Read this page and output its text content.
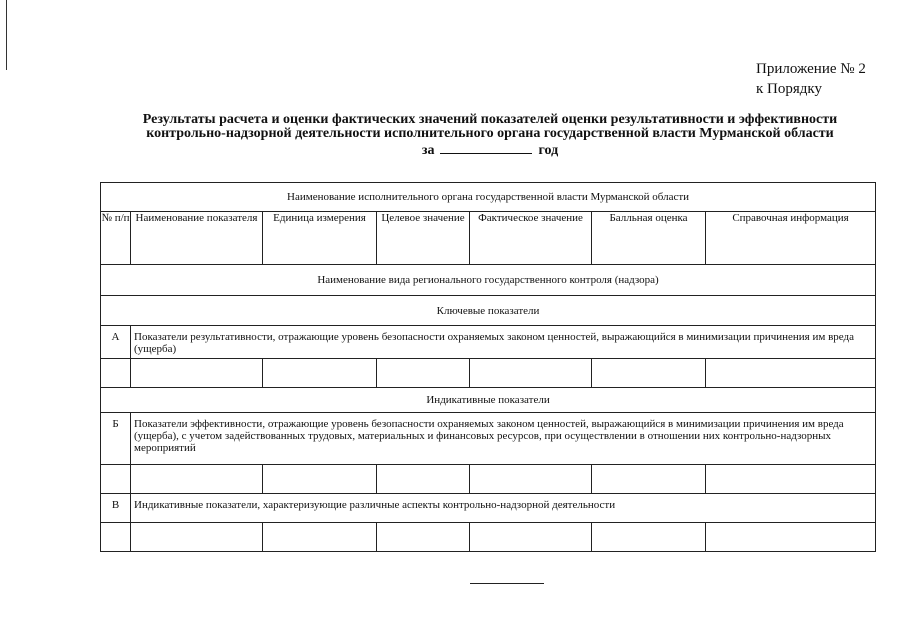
Приложение № 2
к Порядку
Результаты расчета и оценки фактических значений показателей оценки результативности и эффективности
контрольно-надзорной деятельности исполнительного органа государственной власти Мурманской области
за	год
Наименование исполнительного органа государственной власти Мурманской области						
№ п/п	Наименование показателя	Единица измерения	Целевое значение	Фактическое значение	Балльная оценка	Справочная информация
Наименование вида регионального государственного контроля (надзора)						
Ключевые показатели						
А	Показатели результативности, отражающие уровень безопасности охраняемых законом ценностей, выражающийся в минимизации причинения им вреда (ущерба)					

Индикативные показатели						
Б	Показатели эффективности, отражающие уровень безопасности охраняемых законом ценностей, выражающийся в минимизации причинения им вреда (ущерба), с учетом задействованных трудовых, материальных и финансовых ресурсов, при осуществлении в отношении них контрольно-надзорных мероприятий					

В	Индикативные показатели, характеризующие различные аспекты контрольно-надзорной деятельности					
